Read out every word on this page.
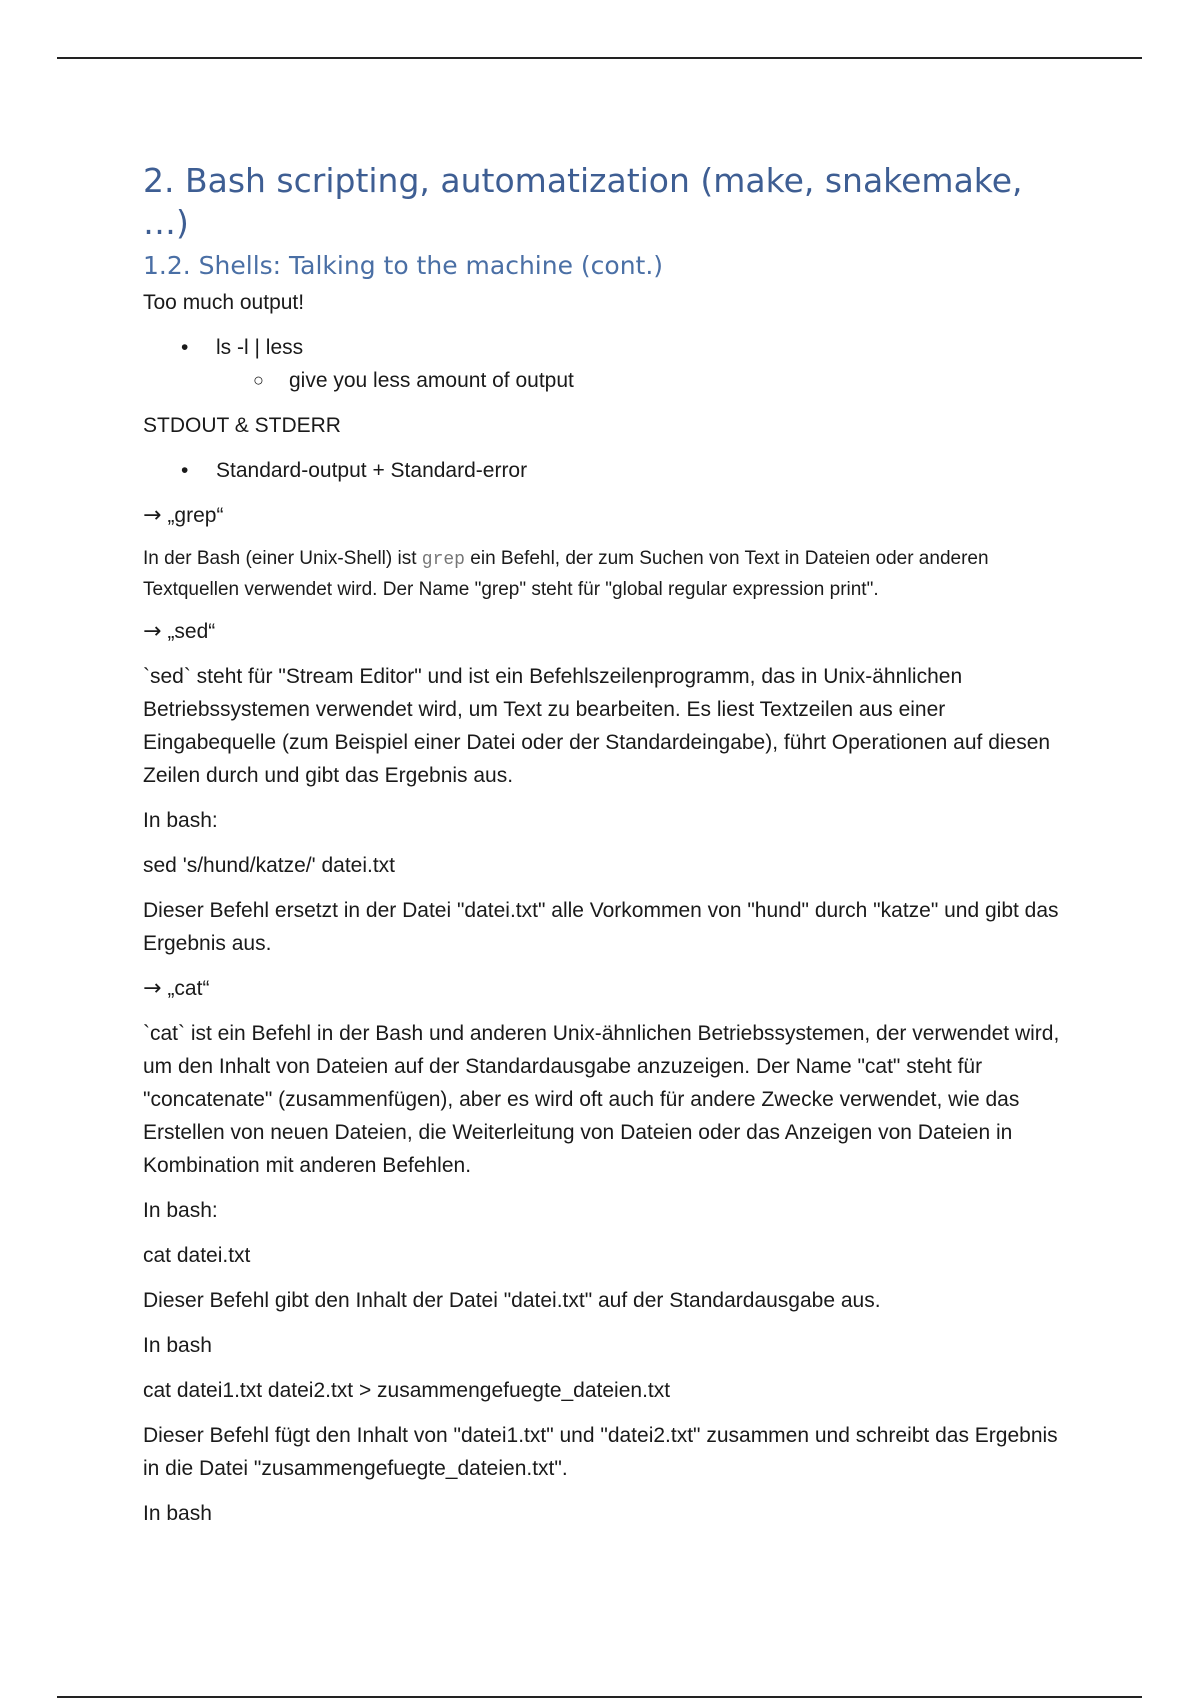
2. Bash scripting, automatization (make, snakemake, …)
1.2. Shells: Talking to the machine (cont.)

Too much output!

• ls -l | less
○ give you less amount of output

STDOUT & STDERR

• Standard-output + Standard-error

→ „grep“

In der Bash (einer Unix-Shell) ist grep ein Befehl, der zum Suchen von Text in Dateien oder anderen Textquellen verwendet wird. Der Name "grep" steht für "global regular expression print".

→ „sed“

`sed` steht für "Stream Editor" und ist ein Befehlszeilenprogramm, das in Unix-ähnlichen Betriebssystemen verwendet wird, um Text zu bearbeiten. Es liest Textzeilen aus einer Eingabequelle (zum Beispiel einer Datei oder der Standardeingabe), führt Operationen auf diesen Zeilen durch und gibt das Ergebnis aus.

In bash:

sed 's/hund/katze/' datei.txt

Dieser Befehl ersetzt in der Datei "datei.txt" alle Vorkommen von "hund" durch "katze" und gibt das Ergebnis aus.

→ „cat“

`cat` ist ein Befehl in der Bash und anderen Unix-ähnlichen Betriebssystemen, der verwendet wird, um den Inhalt von Dateien auf der Standardausgabe anzuzeigen. Der Name "cat" steht für "concatenate" (zusammenfügen), aber es wird oft auch für andere Zwecke verwendet, wie das Erstellen von neuen Dateien, die Weiterleitung von Dateien oder das Anzeigen von Dateien in Kombination mit anderen Befehlen.

In bash:

cat datei.txt

Dieser Befehl gibt den Inhalt der Datei "datei.txt" auf der Standardausgabe aus.

In bash

cat datei1.txt datei2.txt > zusammengefuegte_dateien.txt

Dieser Befehl fügt den Inhalt von "datei1.txt" und "datei2.txt" zusammen und schreibt das Ergebnis in die Datei "zusammengefuegte_dateien.txt".

In bash
